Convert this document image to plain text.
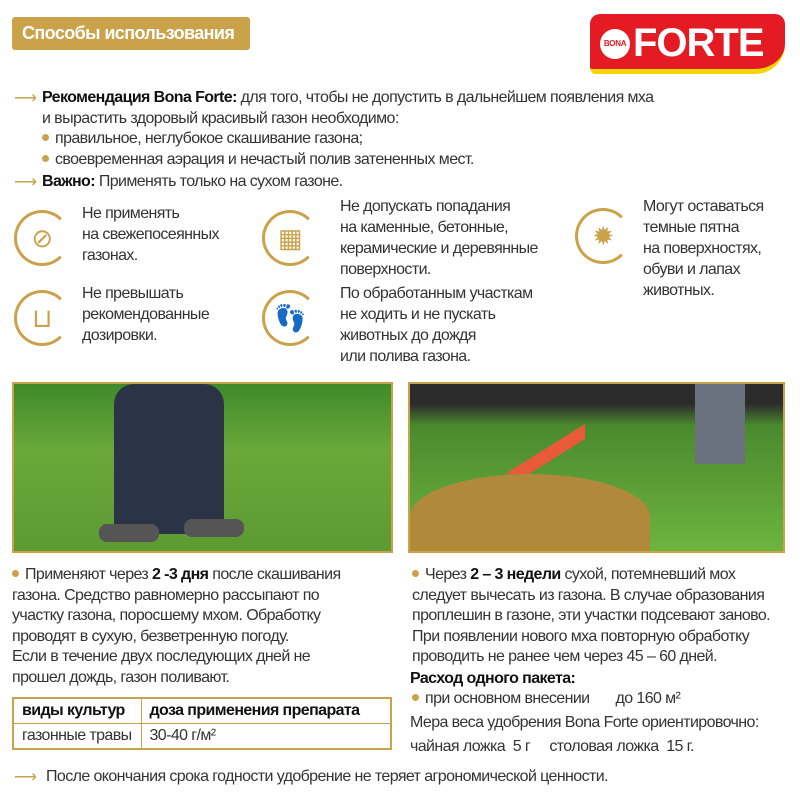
Способы использования
BONA FORTE
⟶ Рекомендация Bona Forte: для того, чтобы не допустить в дальнейшем появления мха
и вырастить здоровый красивый газон необходимо:
правильное, неглубокое скашивание газона;
своевременная аэрация и нечастый полив затененных мест.
⟶ Важно: Применять только на сухом газоне.
⊘
Не применять
на свежепосеянных
газонах.
▦
Не допускать попадания
на каменные, бетонные,
керамические и деревянные
поверхности.
✹
Могут оставаться
темные пятна
на поверхностях,
обуви и лапах
животных.
⊔
Не превышать
рекомендованные
дозировки.
👣
По обработанным участкам
не ходить и не пускать
животных до дождя
или полива газона.
Применяют через 2 -3 дня после скашивания
газона. Средство равномерно рассыпают по
участку газона, поросшему мхом. Обработку
проводят в сухую, безветренную погоду.
Если в течение двух последующих дней не
прошел дождь, газон поливают.
виды культур	доза применения препарата
газонные травы	30-40 г/м²
Через 2 – 3 недели сухой, потемневший мох
следует вычесать из газона. В случае образования
проплешин в газоне, эти участки подсевают заново.
При появлении нового мха повторную обработку
проводить не ранее чем через 45 – 60 дней.
Расход одного пакета:
при основном внесении до 160 м²
Мера веса удобрения Bona Forte ориентировочно:
чайная ложка  5 г столовая ложка  15 г.
⟶ После окончания срока годности удобрение не теряет агрономической ценности.
